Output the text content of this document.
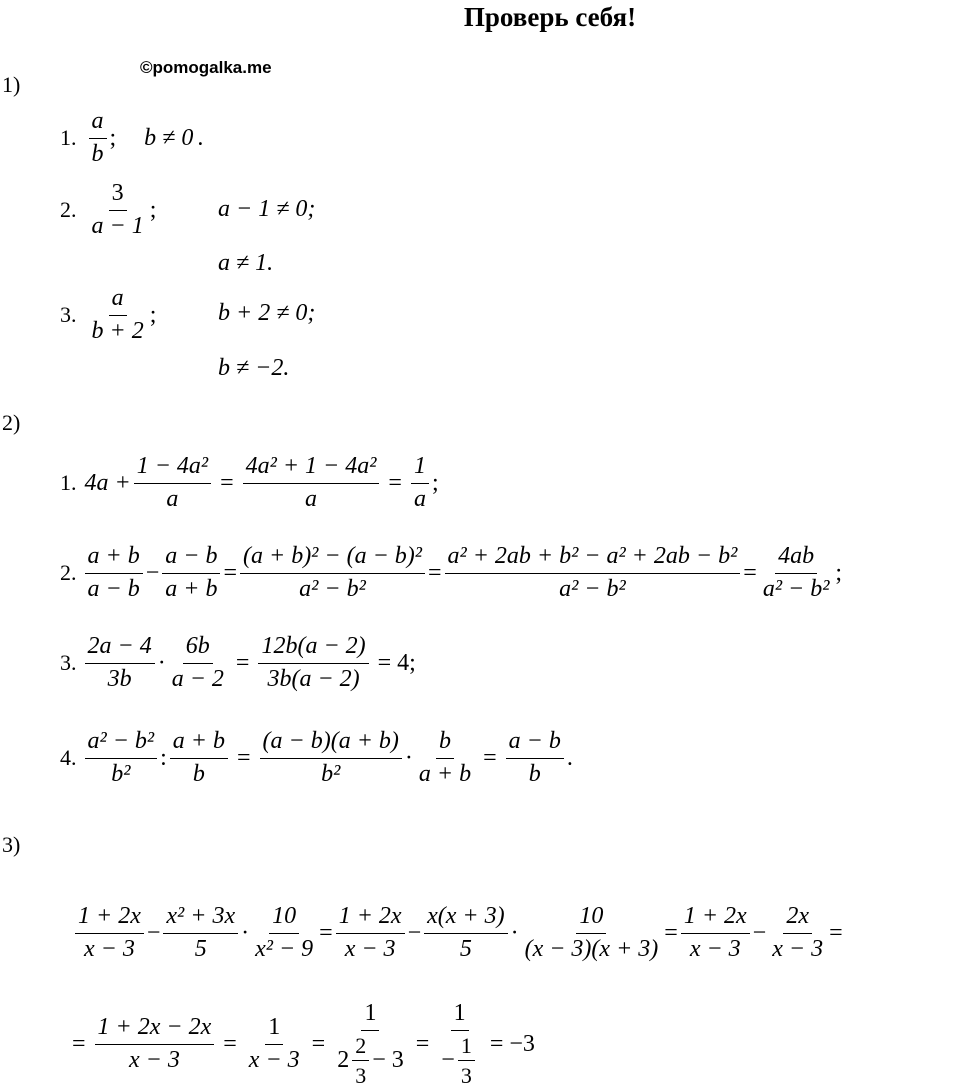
Проверь себя!
©pomogalka.me
1)
1. $\frac{a}{b}$ ; b ≠ 0 .
2. $\frac{3}{a - 1}$ ;	a − 1 ≠ 0;
a ≠ 1.
3. $\frac{a}{b + 2}$ ;	b + 2 ≠ 0;
b ≠ −2.
2)
1. $4a + \frac{\text{1 − 4a²}}{a} = \frac{\text{4a² + 1 − 4a²}}{a} = \frac{1}{a}$ ;
2. $\frac{a + b}{a - b} - \frac{a - b}{a + b} = \frac{\text{(a + b)² − (a − b)²}}{\text{a² − b²}} = \frac{\text{a² + 2ab + b² − a² + 2ab − b²}}{\text{a² − b²}} = \frac{4ab}{\text{a² − b²}}$ ;
3. $\frac{2a - 4}{3b} \cdot \frac{6b}{a - 2} = \frac{12b(a - 2)}{3b(a - 2)} = 4$;
4. $\frac{\text{a² − b²}}{\text{b²}}$ : $\frac{a + b}{b} = \frac{(a - b)(a + b)}{\text{b²}} \cdot \frac{b}{a + b} = \frac{a - b}{b}$ .
3)
$\frac{1 + 2x}{x - 3} - \frac{\text{x² + 3x}}{5} \cdot \frac{10}{\text{x² − 9}} = \frac{1 + 2x}{x - 3} - \frac{x(x + 3)}{5} \cdot \frac{10}{(x - 3)(x + 3)} = \frac{1 + 2x}{x - 3} - \frac{2x}{x - 3}$ =
= $\frac{1 + 2x - 2x}{x - 3} = \frac{1}{x - 3} = \frac{1}{2 \frac{2}{3} - 3} = \frac{1}{- \frac{1}{3}} = -3$
